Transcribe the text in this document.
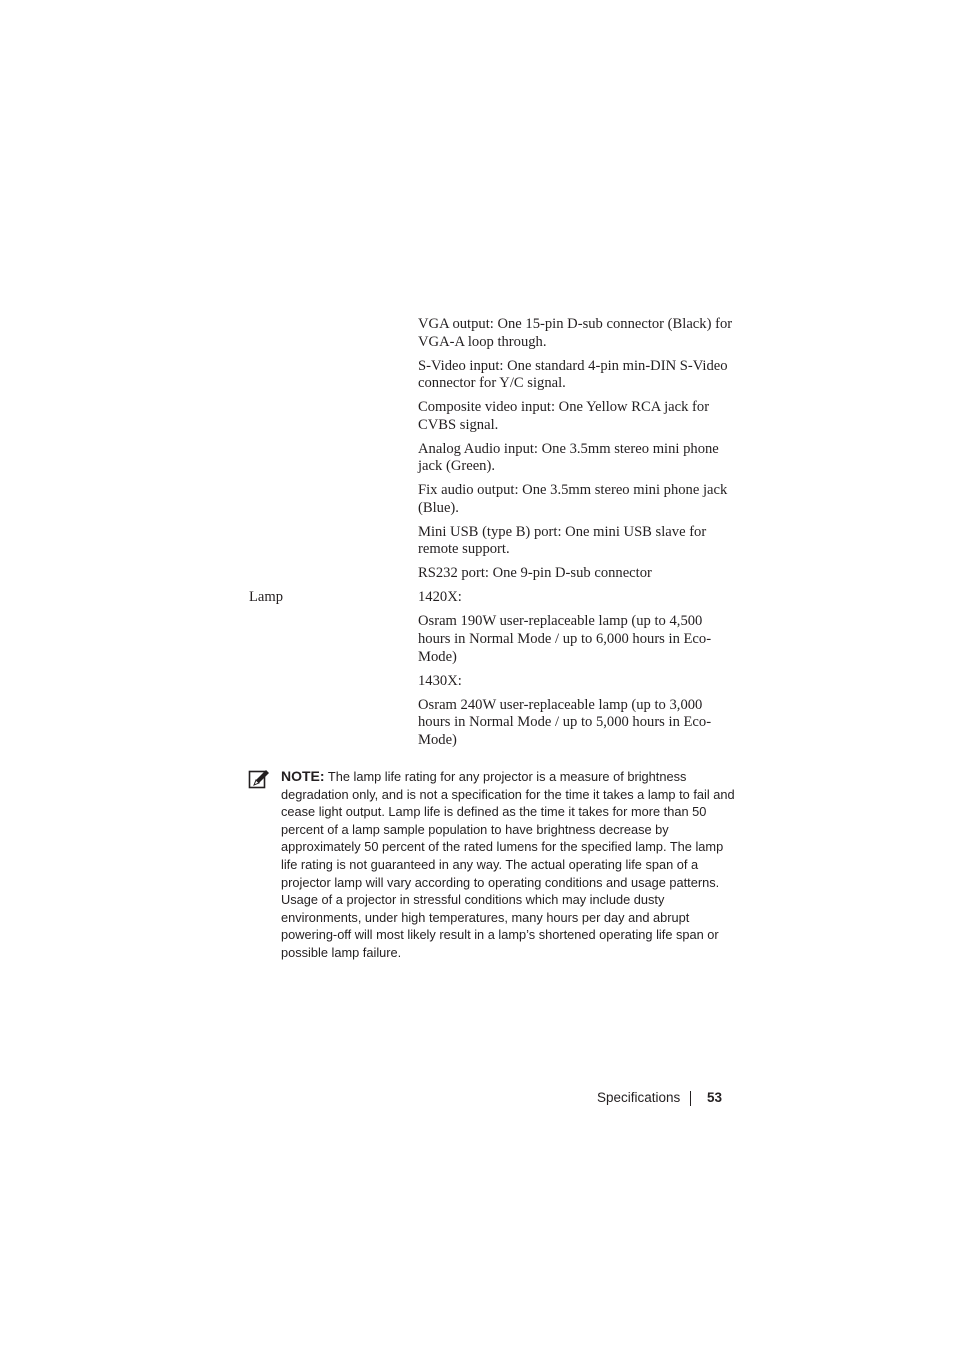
VGA output: One 15-pin D-sub connector (Black) for VGA-A loop through.
S-Video input: One standard 4-pin min-DIN S-Video connector for Y/C signal.
Composite video input: One Yellow RCA jack for CVBS signal.
Analog Audio input: One 3.5mm stereo mini phone jack (Green).
Fix audio output: One 3.5mm stereo mini phone jack (Blue).
Mini USB (type B) port: One mini USB slave for remote support.
RS232 port: One 9-pin D-sub connector
Lamp	1420X:
Osram 190W user-replaceable lamp (up to 4,500 hours in Normal Mode / up to 6,000 hours in Eco-Mode)
1430X:
Osram 240W user-replaceable lamp (up to 3,000 hours in Normal Mode / up to 5,000 hours in Eco-Mode)
NOTE: The lamp life rating for any projector is a measure of brightness degradation only, and is not a specification for the time it takes a lamp to fail and cease light output. Lamp life is defined as the time it takes for more than 50 percent of a lamp sample population to have brightness decrease by approximately 50 percent of the rated lumens for the specified lamp. The lamp life rating is not guaranteed in any way. The actual operating life span of a projector lamp will vary according to operating conditions and usage patterns. Usage of a projector in stressful conditions which may include dusty environments, under high temperatures, many hours per day and abrupt powering-off will most likely result in a lamp’s shortened operating life span or possible lamp failure.
Specifications 53
